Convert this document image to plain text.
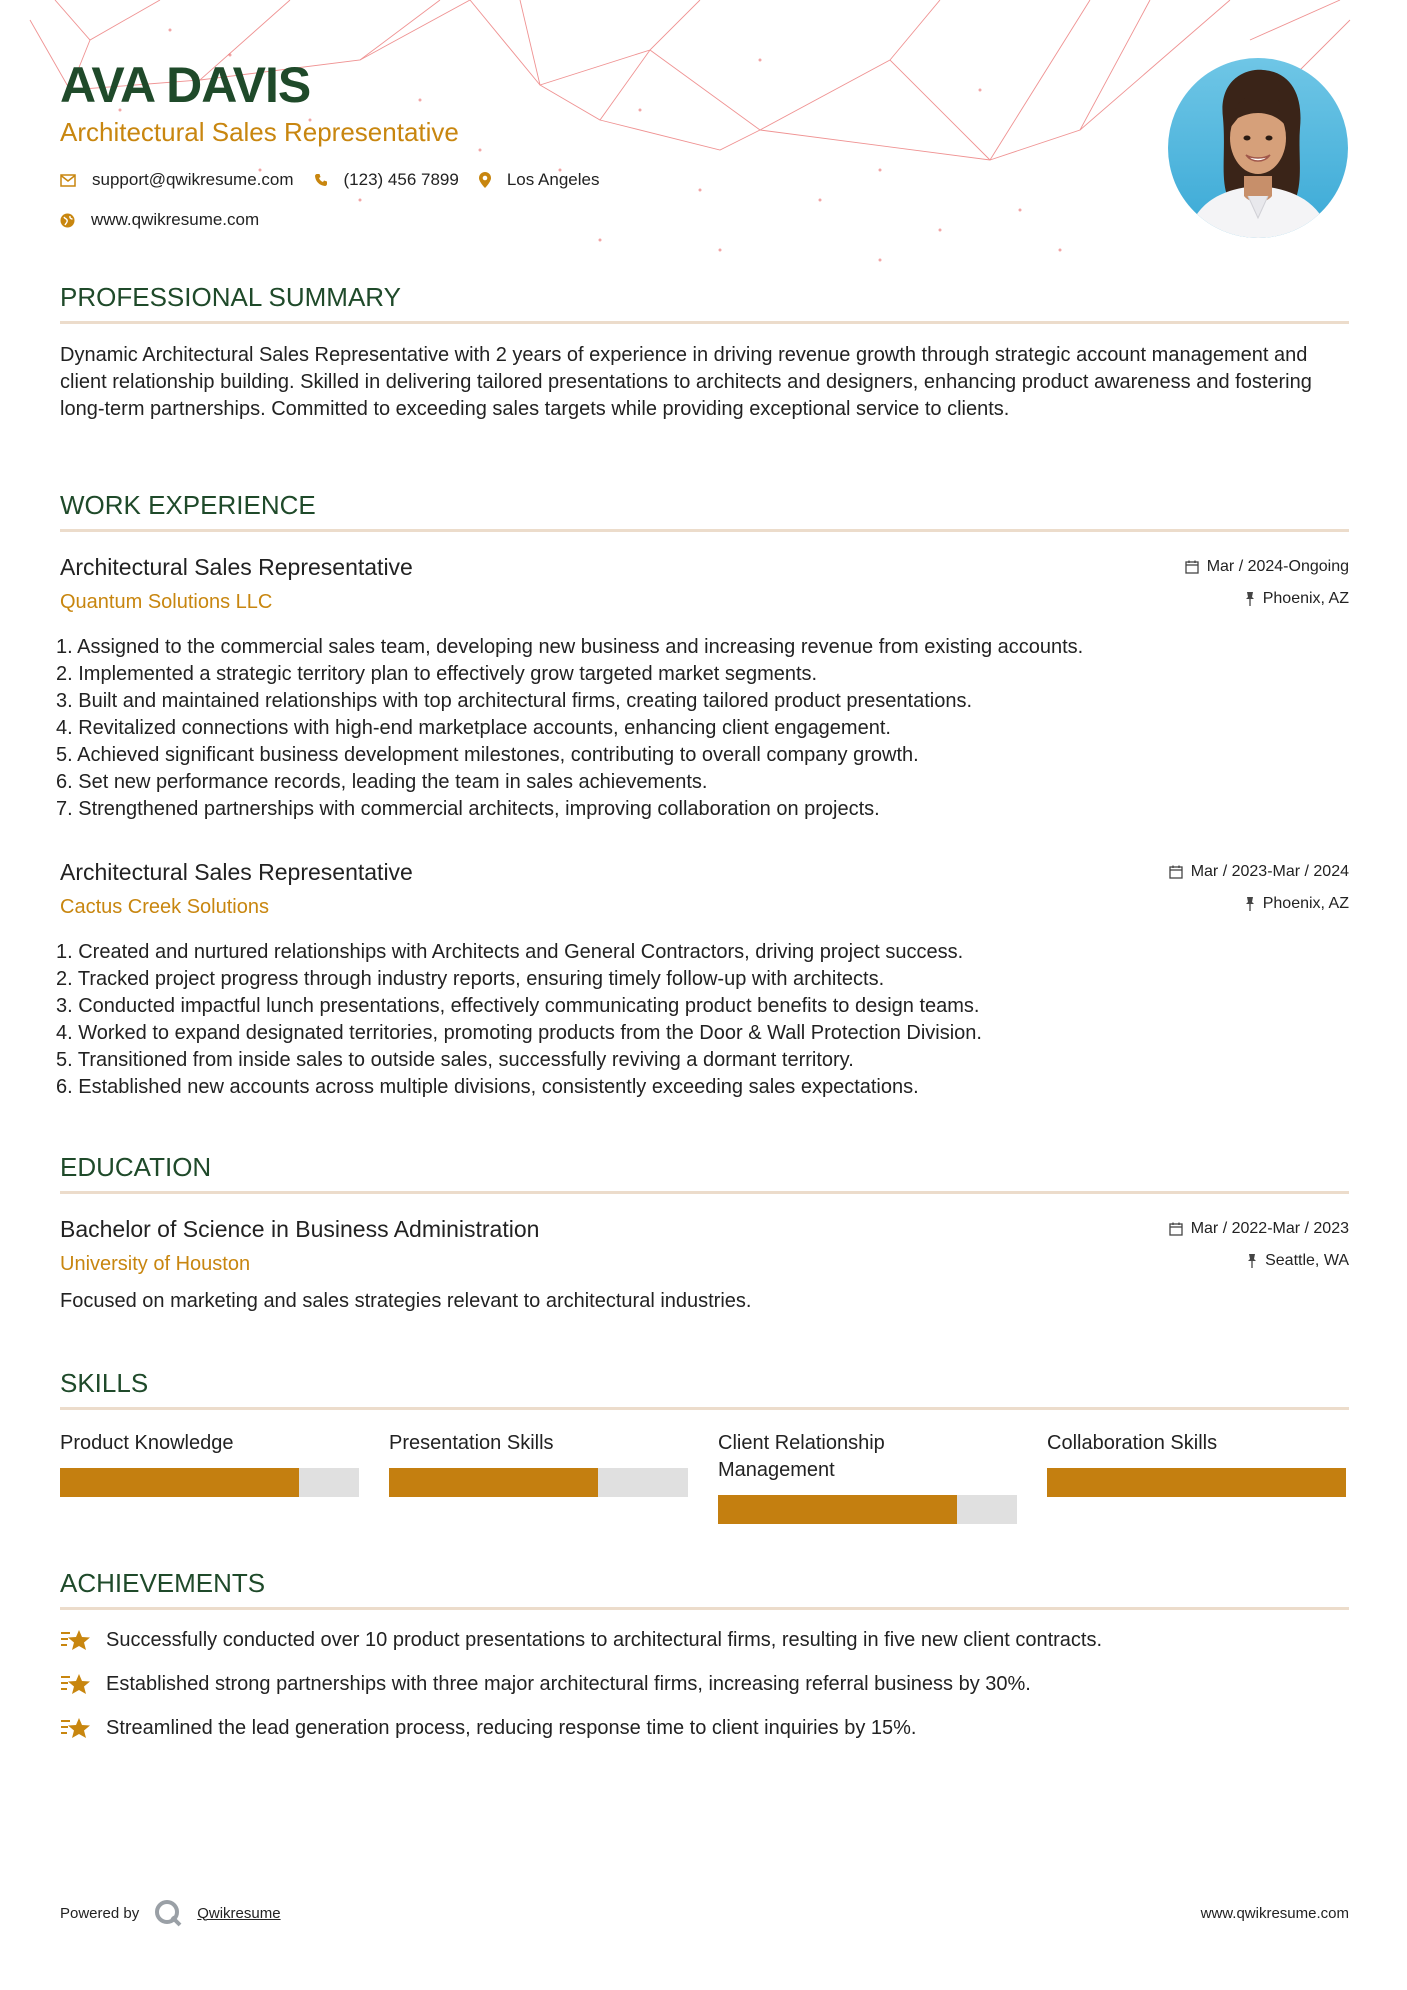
AVA DAVIS
Architectural Sales Representative
support@qwikresume.com	(123) 456 7899	Los Angeles
www.qwikresume.com
PROFESSIONAL SUMMARY
Dynamic Architectural Sales Representative with 2 years of experience in driving revenue growth through strategic account management and client relationship building. Skilled in delivering tailored presentations to architects and designers, enhancing product awareness and fostering long-term partnerships. Committed to exceeding sales targets while providing exceptional service to clients.
WORK EXPERIENCE
Architectural Sales Representative
Quantum Solutions LLC
Mar / 2024-Ongoing
Phoenix, AZ
1. Assigned to the commercial sales team, developing new business and increasing revenue from existing accounts.
2. Implemented a strategic territory plan to effectively grow targeted market segments.
3. Built and maintained relationships with top architectural firms, creating tailored product presentations.
4. Revitalized connections with high-end marketplace accounts, enhancing client engagement.
5. Achieved significant business development milestones, contributing to overall company growth.
6. Set new performance records, leading the team in sales achievements.
7. Strengthened partnerships with commercial architects, improving collaboration on projects.
Architectural Sales Representative
Cactus Creek Solutions
Mar / 2023-Mar / 2024
Phoenix, AZ
1. Created and nurtured relationships with Architects and General Contractors, driving project success.
2. Tracked project progress through industry reports, ensuring timely follow-up with architects.
3. Conducted impactful lunch presentations, effectively communicating product benefits to design teams.
4. Worked to expand designated territories, promoting products from the Door & Wall Protection Division.
5. Transitioned from inside sales to outside sales, successfully reviving a dormant territory.
6. Established new accounts across multiple divisions, consistently exceeding sales expectations.
EDUCATION
Bachelor of Science in Business Administration
University of Houston
Mar / 2022-Mar / 2023
Seattle, WA
Focused on marketing and sales strategies relevant to architectural industries.
SKILLS
Product Knowledge	Presentation Skills	Client Relationship Management
Collaboration Skills
ACHIEVEMENTS
Successfully conducted over 10 product presentations to architectural firms, resulting in five new client contracts.
Established strong partnerships with three major architectural firms, increasing referral business by 30%.
Streamlined the lead generation process, reducing response time to client inquiries by 15%.
Powered by	Qwikresume	www.qwikresume.com
